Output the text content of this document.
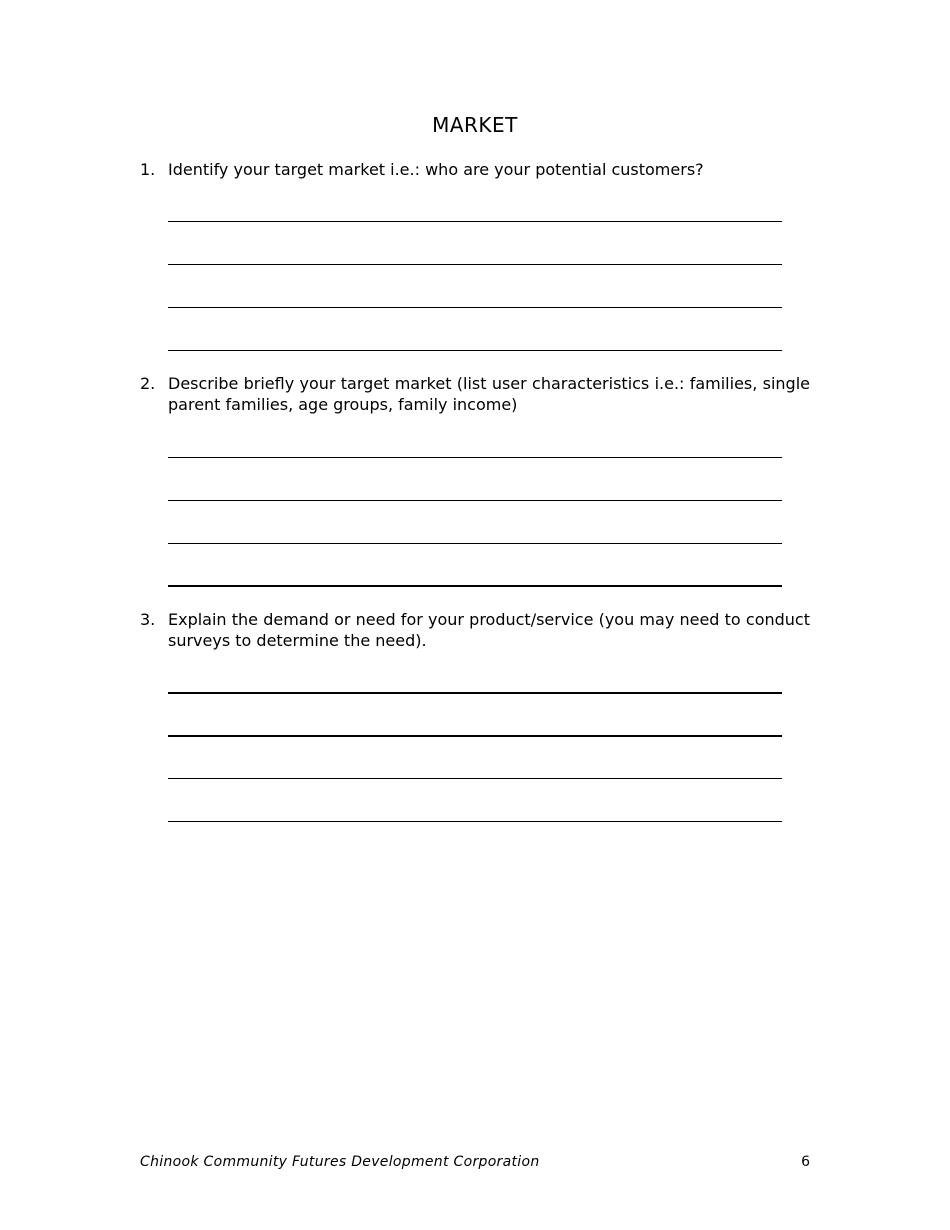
MARKET
1. Identify your target market i.e.: who are your potential customers?
2. Describe briefly your target market (list user characteristics i.e.: families, single parent families, age groups, family income)
3. Explain the demand or need for your product/service (you may need to conduct surveys to determine the need).
Chinook Community Futures Development Corporation	6
